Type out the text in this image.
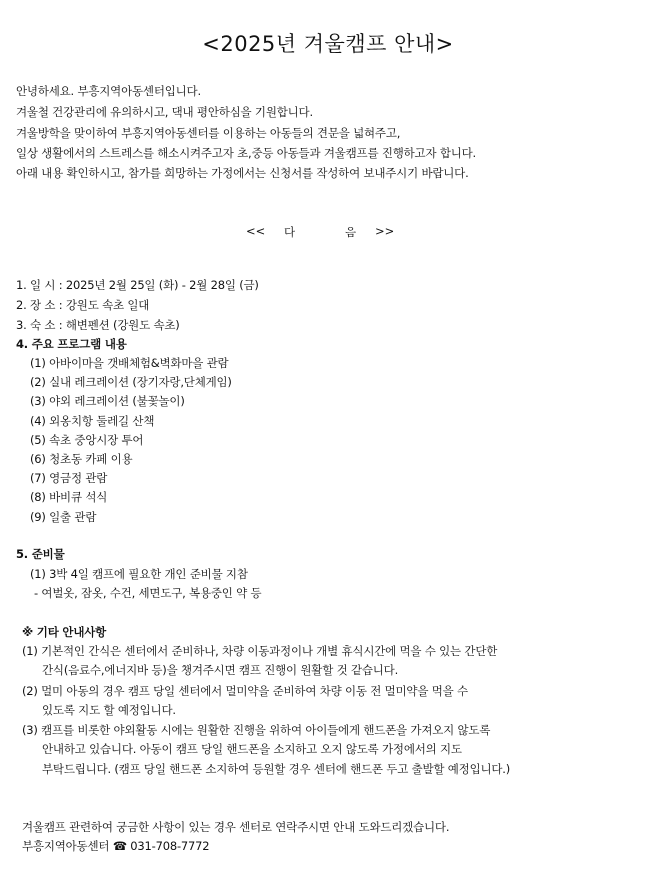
<2025년 겨울캠프 안내>
안녕하세요. 부흥지역아동센터입니다.
겨울철 건강관리에 유의하시고, 댁내 평안하심을 기원합니다.
겨울방학을 맞이하여 부흥지역아동센터를 이용하는 아동들의 견문을 넓혀주고,
일상 생활에서의 스트레스를 해소시켜주고자 초,중등 아동들과 겨울캠프를 진행하고자 합니다.
아래 내용 확인하시고, 참가를 희망하는 가정에서는 신청서를 작성하여 보내주시기 바랍니다.
<< 다	음 >>
1. 일 시 : 2025년 2월 25일 (화) - 2월 28일 (금)
2. 장 소 : 강원도 속초 일대
3. 숙 소 : 해변펜션 (강원도 속초)
4. 주요 프로그램 내용
(1) 아바이마을 갯배체험&벽화마을 관람
(2) 실내 레크레이션 (장기자랑,단체게임)
(3) 야외 레크레이션 (불꽃놀이)
(4) 외옹치항 둘레길 산책
(5) 속초 중앙시장 투어
(6) 청초동 카페 이용
(7) 영금정 관람
(8) 바비큐 석식
(9) 일출 관람
5. 준비물
(1) 3박 4일 캠프에 필요한 개인 준비물 지참
- 여벌옷, 잠옷, 수건, 세면도구, 복용중인 약 등
※ 기타 안내사항
(1) 기본적인 간식은 센터에서 준비하나, 차량 이동과정이나 개별 휴식시간에 먹을 수 있는 간단한
간식(음료수,에너지바 등)을 챙겨주시면 캠프 진행이 원활할 것 같습니다.
(2) 멀미 아동의 경우 캠프 당일 센터에서 멀미약을 준비하여 차량 이동 전 멀미약을 먹을 수
있도록 지도 할 예정입니다.
(3) 캠프를 비롯한 야외활동 시에는 원활한 진행을 위하여 아이들에게 핸드폰을 가져오지 않도록
안내하고 있습니다. 아동이 캠프 당일 핸드폰을 소지하고 오지 않도록 가정에서의 지도
부탁드립니다. (캠프 당일 핸드폰 소지하여 등원할 경우 센터에 핸드폰 두고 출발할 예정입니다.)
겨울캠프 관련하여 궁금한 사항이 있는 경우 센터로 연락주시면 안내 도와드리겠습니다.
부흥지역아동센터 ☎ 031-708-7772
